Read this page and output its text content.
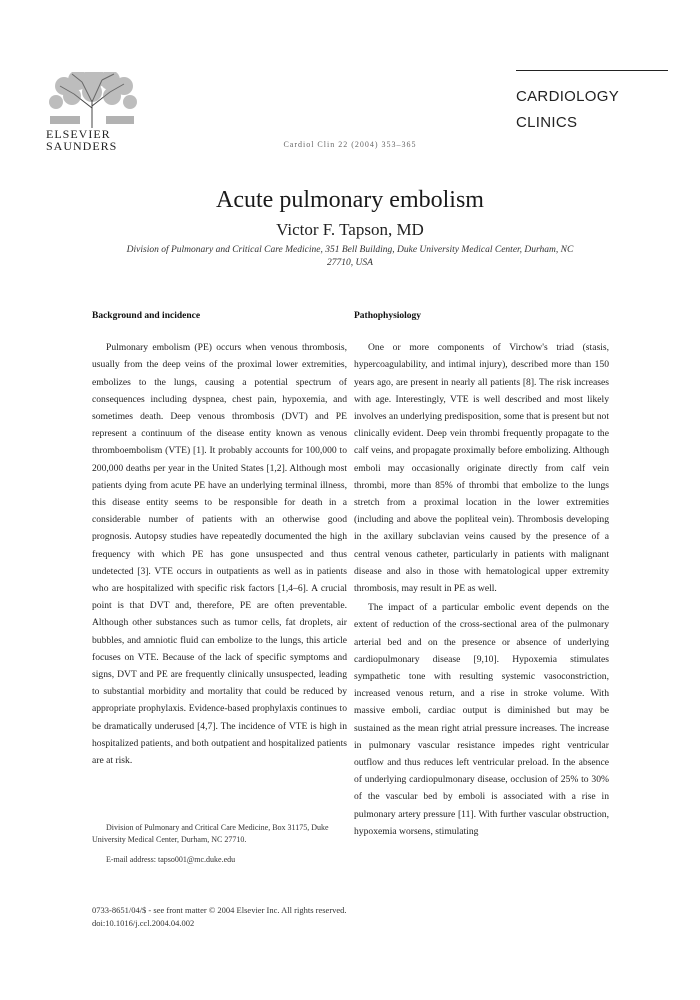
ELSEVIER
SAUNDERS
CARDIOLOGY
CLINICS
Cardiol Clin 22 (2004) 353–365
Acute pulmonary embolism
Victor F. Tapson, MD
Division of Pulmonary and Critical Care Medicine, 351 Bell Building, Duke University Medical Center, Durham, NC 27710, USA
Background and incidence

Pulmonary embolism (PE) occurs when venous thrombosis, usually from the deep veins of the proximal lower extremities, embolizes to the lungs, causing a potential spectrum of consequences including dyspnea, chest pain, hypoxemia, and sometimes death. Deep venous thrombosis (DVT) and PE represent a continuum of the disease entity known as venous thromboembolism (VTE) [1]. It probably accounts for 100,000 to 200,000 deaths per year in the United States [1,2]. Although most patients dying from acute PE have an underlying terminal illness, this disease entity seems to be responsible for death in a considerable number of patients with an otherwise good prognosis. Autopsy studies have repeatedly documented the high frequency with which PE has gone unsuspected and thus undetected [3]. VTE occurs in outpatients as well as in patients who are hospitalized with specific risk factors [1,4–6]. A crucial point is that DVT and, therefore, PE are often preventable. Although other substances such as tumor cells, fat droplets, air bubbles, and amniotic fluid can embolize to the lungs, this article focuses on VTE. Because of the lack of specific symptoms and signs, DVT and PE are frequently clinically unsuspected, leading to substantial morbidity and mortality that could be reduced by appropriate prophylaxis. Evidence-based prophylaxis continues to be dramatically underused [4,7]. The incidence of VTE is high in hospitalized patients, and both outpatient and hospitalized patients are at risk.

Pathophysiology

One or more components of Virchow's triad (stasis, hypercoagulability, and intimal injury), described more than 150 years ago, are present in nearly all patients [8]. The risk increases with age. Interestingly, VTE is well described and most likely involves an underlying predisposition, some that is present but not clinically evident. Deep vein thrombi frequently propagate to the calf veins, and propagate proximally before embolizing. Although emboli may occasionally originate directly from calf vein thrombi, more than 85% of thrombi that embolize to the lungs stretch from a proximal location in the lower extremities (including and above the popliteal vein). Thrombosis developing in the axillary subclavian veins caused by the presence of a central venous catheter, particularly in patients with malignant disease and also in those with hematological upper extremity thrombosis, may result in PE as well.

The impact of a particular embolic event depends on the extent of reduction of the cross-sectional area of the pulmonary arterial bed and on the presence or absence of underlying cardiopulmonary disease [9,10]. Hypoxemia stimulates sympathetic tone with resulting systemic vasoconstriction, increased venous return, and a rise in stroke volume. With massive emboli, cardiac output is diminished but may be sustained as the mean right atrial pressure increases. The increase in pulmonary vascular resistance impedes right ventricular outflow and thus reduces left ventricular preload. In the absence of underlying cardiopulmonary disease, occlusion of 25% to 30% of the vascular bed by emboli is associated with a rise in pulmonary artery pressure [11]. With further vascular obstruction, hypoxemia worsens, stimulating

Division of Pulmonary and Critical Care Medicine, Box 31175, Duke University Medical Center, Durham, NC 27710.

E-mail address: tapso001@mc.duke.edu

0733-8651/04/$ - see front matter © 2004 Elsevier Inc. All rights reserved.
doi:10.1016/j.ccl.2004.04.002
